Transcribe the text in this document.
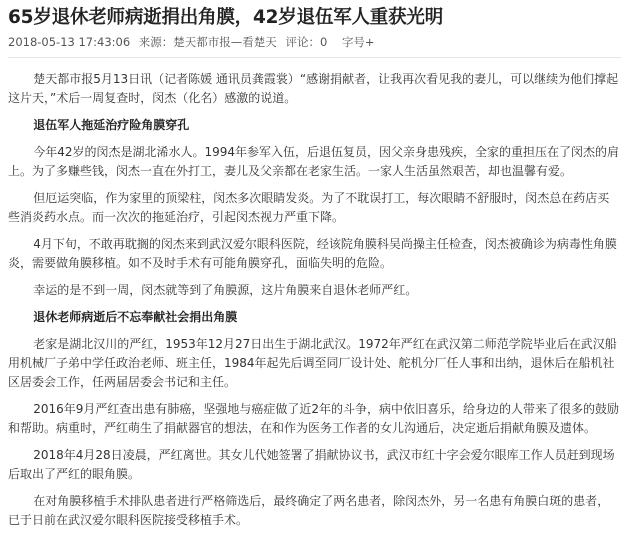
65岁退休老师病逝捐出角膜，42岁退伍军人重获光明
2018-05-13 17:43:06 来源：楚天都市报—看楚天 评论：0 字号+

楚天都市报5月13日讯（记者陈媛 通讯员龚霞裳）“感谢捐献者，让我再次看见我的妻儿，可以继续为他们撑起这片天，”术后一周复查时，闵杰（化名）感激的说道。

退伍军人拖延治疗险角膜穿孔

今年42岁的闵杰是湖北浠水人。1994年参军入伍，后退伍复员，因父亲身患残疾，全家的重担压在了闵杰的肩上。为了多赚些钱，闵杰一直在外打工，妻儿及父亲都在老家生活。一家人生活虽然艰苦，却也温馨有爱。

但厄运突临，作为家里的顶梁柱，闵杰多次眼睛发炎。为了不耽误打工，每次眼睛不舒服时，闵杰总在药店买些消炎药水点。而一次次的拖延治疗，引起闵杰视力严重下降。

4月下旬，不敢再耽搁的闵杰来到武汉爱尔眼科医院，经该院角膜科吴尚操主任检查，闵杰被确诊为病毒性角膜炎，需要做角膜移植。如不及时手术有可能角膜穿孔，面临失明的危险。

幸运的是不到一周，闵杰就等到了角膜源，这片角膜来自退休老师严红。

退休老师病逝后不忘奉献社会捐出角膜

老家是湖北汉川的严红，1953年12月27日出生于湖北武汉。1972年严红在武汉第二师范学院毕业后在武汉船用机械厂子弟中学任政治老师、班主任，1984年起先后调至同厂设计处、舵机分厂任人事和出纳，退休后在船机社区居委会工作，任两届居委会书记和主任。

2016年9月严红查出患有肺癌，坚强地与癌症做了近2年的斗争，病中依旧喜乐，给身边的人带来了很多的鼓励和帮助。病重时，严红萌生了捐献器官的想法，在和作为医务工作者的女儿沟通后，决定逝后捐献角膜及遗体。

2018年4月28日凌晨，严红离世。其女儿代她签署了捐献协议书，武汉市红十字会爱尔眼库工作人员赶到现场后取出了严红的眼角膜。

在对角膜移植手术排队患者进行严格筛选后，最终确定了两名患者，除闵杰外，另一名患有角膜白斑的患者，已于日前在武汉爱尔眼科医院接受移植手术。
